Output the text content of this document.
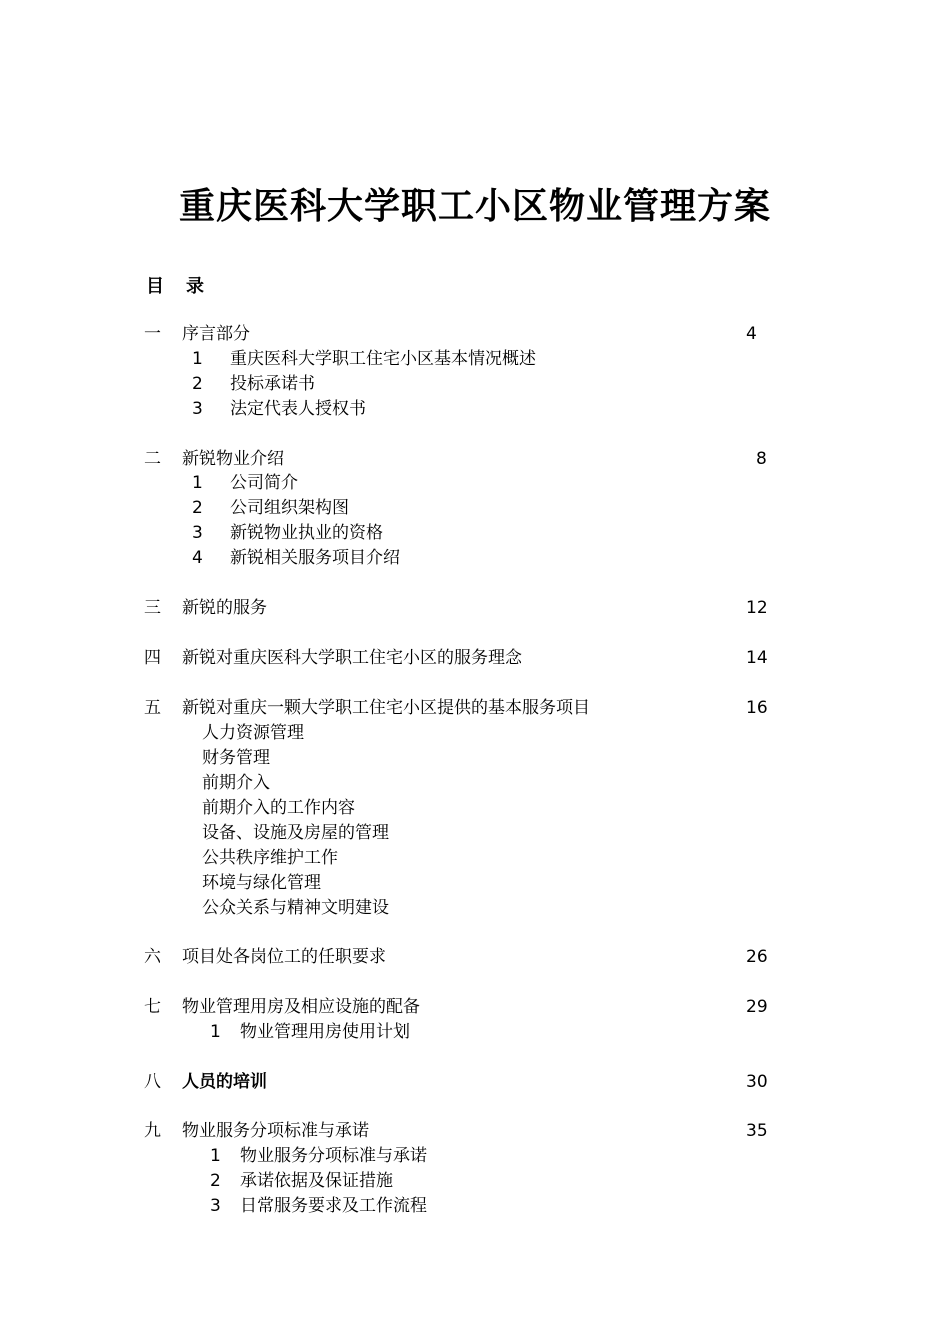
重庆医科大学职工小区物业管理方案
目　录
一 序言部分	4
1 重庆医科大学职工住宅小区基本情况概述
2 投标承诺书
3 法定代表人授权书
二 新锐物业介绍	8
1 公司简介
2 公司组织架构图
3 新锐物业执业的资格
4 新锐相关服务项目介绍
三 新锐的服务	12
四 新锐对重庆医科大学职工住宅小区的服务理念	14
五 新锐对重庆一颗大学职工住宅小区提供的基本服务项目	16
人力资源管理
财务管理
前期介入
前期介入的工作内容
设备、设施及房屋的管理
公共秩序维护工作
环境与绿化管理
公众关系与精神文明建设
六 项目处各岗位工的任职要求	26
七 物业管理用房及相应设施的配备	29
1 物业管理用房使用计划
八 人员的培训	30
九 物业服务分项标准与承诺	35
1 物业服务分项标准与承诺
2 承诺依据及保证措施
3 日常服务要求及工作流程
